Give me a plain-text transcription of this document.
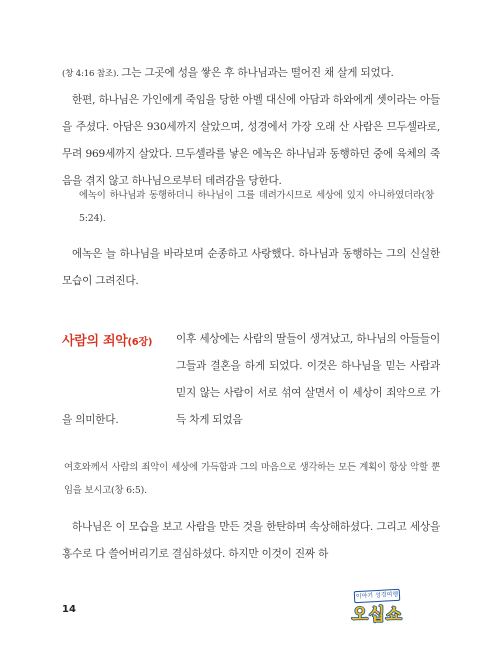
(창 4:16 참조). 그는 그곳에 성을 쌓은 후 하나님과는 떨어진 채 살게 되었다.

한편, 하나님은 가인에게 죽임을 당한 아벨 대신에 아담과 하와에게 셋이라는 아들을 주셨다. 아담은 930세까지 살았으며, 성경에서 가장 오래 산 사람은 므두셀라로, 무려 969세까지 살았다. 므두셀라를 낳은 에녹은 하나님과 동행하던 중에 육체의 죽음을 겪지 않고 하나님으로부터 데려감을 당한다.

에녹이 하나님과 동행하더니 하나님이 그를 데려가시므로 세상에 있지 아니하였더라(창 5:24).

에녹은 늘 하나님을 바라보며 순종하고 사랑했다. 하나님과 동행하는 그의 신실한 모습이 그려진다.

사람의 죄악(6장) 이후 세상에는 사람의 딸들이 생겨났고, 하나님의 아들들이 그들과 결혼을 하게 되었다. 이것은 하나님을 믿는 사람과 믿지 않는 사람이 서로 섞여 살면서 이 세상이 죄악으로 가득 차게 되었음

을 의미한다.

여호와께서 사람의 죄악이 세상에 가득함과 그의 마음으로 생각하는 모든 계획이 항상 악할 뿐임을 보시고(창 6:5).

하나님은 이 모습을 보고 사람을 만든 것을 한탄하며 속상해하셨다. 그리고 세상을 홍수로 다 쓸어버리기로 결심하셨다. 하지만 이것이 진짜 하

14

이야기 성경여행
오십쇼
